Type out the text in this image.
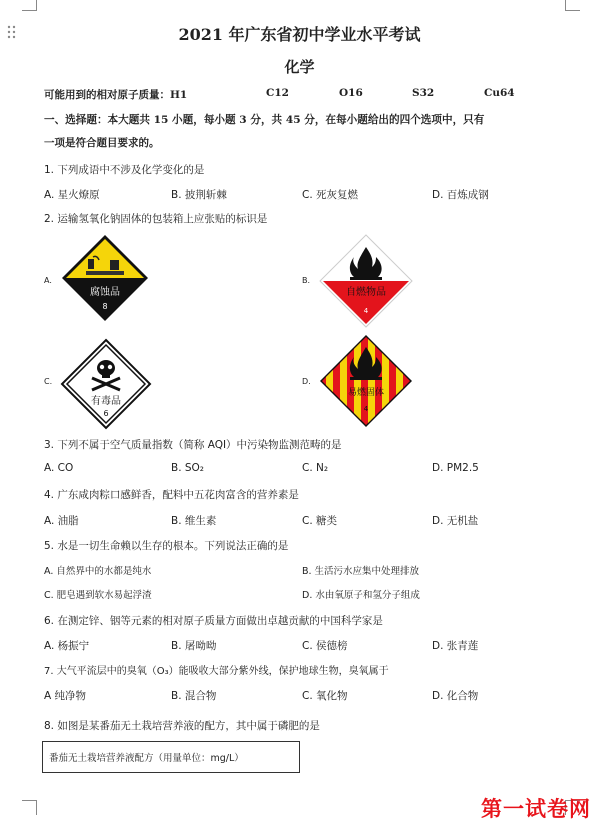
2021 年广东省初中学业水平考试
化学
可能用到的相对原子质量：H1	C12	O16	S32	Cu64
一、选择题：本大题共 15 小题，每小题 3 分，共 45 分，在每小题给出的四个选项中，只有
一项是符合题目要求的。
1. 下列成语中不涉及化学变化的是
A. 星火燎原	B. 披荆斩棘	C. 死灰复燃	D. 百炼成钢
2. 运输氢氧化钠固体的包装箱上应张贴的标识是
A.	B.
C.	D.
腐蚀品
8
自燃物品
4
有毒品
6
易燃固体
4
3. 下列不属于空气质量指数（简称 AQI）中污染物监测范畴的是
A. CO	B. SO₂	C. N₂	D. PM2.5
4. 广东咸肉粽口感鲜香，配料中五花肉富含的营养素是
A. 油脂	B. 维生素	C. 糖类	D. 无机盐
5. 水是一切生命赖以生存的根本。下列说法正确的是
A. 自然界中的水都是纯水	B. 生活污水应集中处理排放
C. 肥皂遇到软水易起浮渣	D. 水由氧原子和氢分子组成
6. 在测定锌、铟等元素的相对原子质量方面做出卓越贡献的中国科学家是
A. 杨振宁	B. 屠呦呦	C. 侯德榜	D. 张青莲
7. 大气平流层中的臭氧（O₃）能吸收大部分紫外线，保护地球生物，臭氧属于
A 纯净物	B. 混合物	C. 氧化物	D. 化合物
8. 如图是某番茄无土栽培营养液的配方，其中属于磷肥的是
番茄无土栽培营养液配方（用量单位：mg/L）
第一试卷网
